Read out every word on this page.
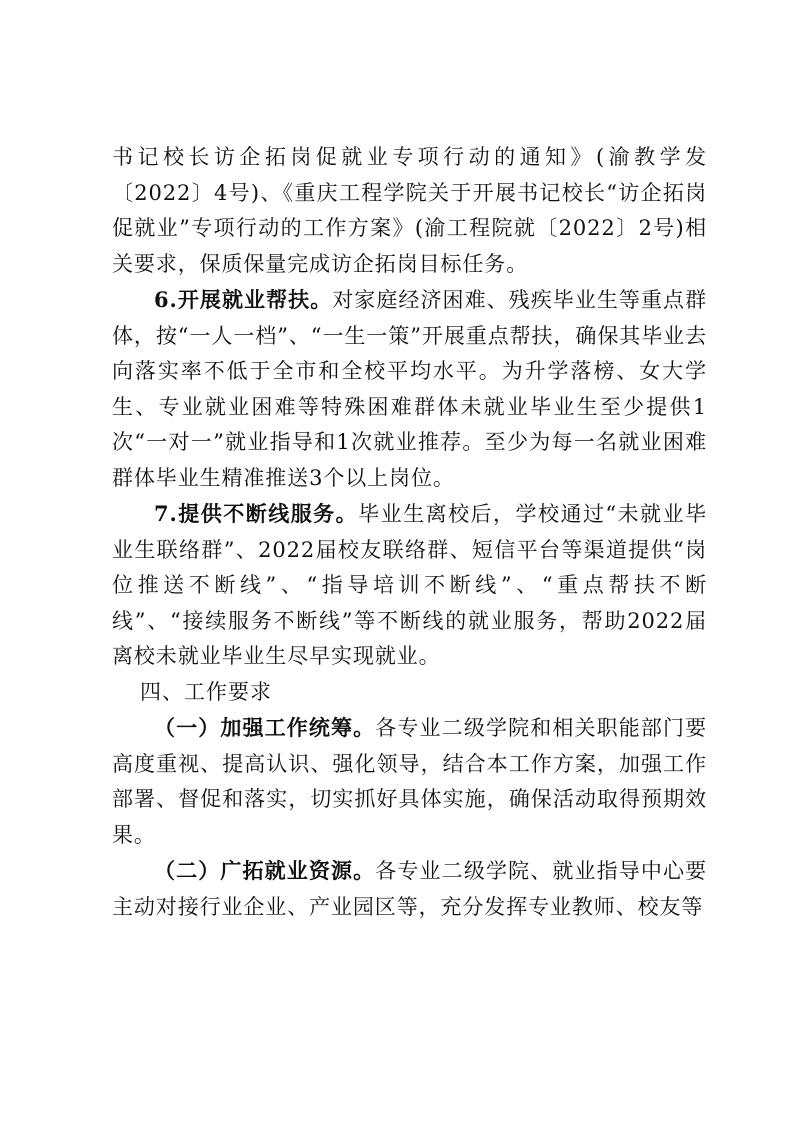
书记校长访企拓岗促就业专项行动的通知》(渝教学发〔2022〕4号)、《重庆工程学院关于开展书记校长“访企拓岗促就业”专项行动的工作方案》(渝工程院就〔2022〕2号)相关要求，保质保量完成访企拓岗目标任务。

6.开展就业帮扶。对家庭经济困难、残疾毕业生等重点群体，按“一人一档”、“一生一策”开展重点帮扶，确保其毕业去向落实率不低于全市和全校平均水平。为升学落榜、女大学生、专业就业困难等特殊困难群体未就业毕业生至少提供1次“一对一”就业指导和1次就业推荐。至少为每一名就业困难群体毕业生精准推送3个以上岗位。

7.提供不断线服务。毕业生离校后，学校通过“未就业毕业生联络群”、2022届校友联络群、短信平台等渠道提供“岗位推送不断线”、“指导培训不断线”、“重点帮扶不断线”、“接续服务不断线”等不断线的就业服务，帮助2022届离校未就业毕业生尽早实现就业。

四、工作要求

（一）加强工作统筹。各专业二级学院和相关职能部门要高度重视、提高认识、强化领导，结合本工作方案，加强工作部署、督促和落实，切实抓好具体实施，确保活动取得预期效果。

（二）广拓就业资源。各专业二级学院、就业指导中心要主动对接行业企业、产业园区等，充分发挥专业教师、校友等
